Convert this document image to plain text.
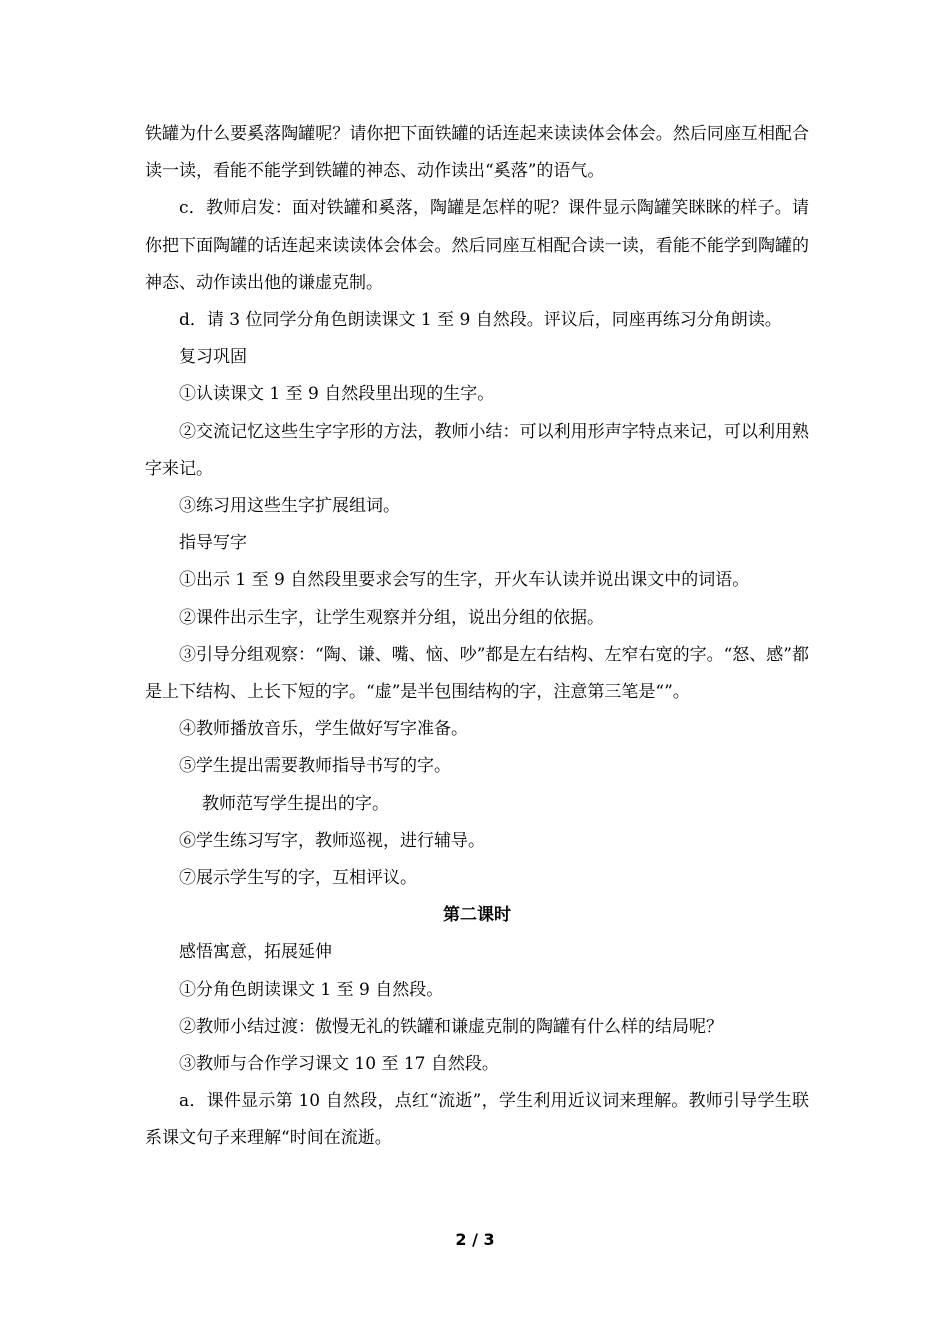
铁罐为什么要奚落陶罐呢？请你把下面铁罐的话连起来读读体会体会。然后同座互相配合读一读，看能不能学到铁罐的神态、动作读出“奚落”的语气。

c．教师启发：面对铁罐和奚落，陶罐是怎样的呢？课件显示陶罐笑眯眯的样子。请你把下面陶罐的话连起来读读体会体会。然后同座互相配合读一读，看能不能学到陶罐的神态、动作读出他的谦虚克制。

d．请 3 位同学分角色朗读课文 1 至 9 自然段。评议后，同座再练习分角朗读。

复习巩固

①认读课文 1 至 9 自然段里出现的生字。

②交流记忆这些生字字形的方法，教师小结：可以利用形声字特点来记，可以利用熟字来记。

③练习用这些生字扩展组词。

指导写字

①出示 1 至 9 自然段里要求会写的生字，开火车认读并说出课文中的词语。

②课件出示生字，让学生观察并分组，说出分组的依据。

③引导分组观察：“陶、谦、嘴、恼、吵”都是左右结构、左窄右宽的字。“怒、感”都是上下结构、上长下短的字。“虚”是半包围结构的字，注意第三笔是“”。

④教师播放音乐，学生做好写字准备。

⑤学生提出需要教师指导书写的字。

教师范写学生提出的字。

⑥学生练习写字，教师巡视，进行辅导。

⑦展示学生写的字，互相评议。

第二课时

感悟寓意，拓展延伸

①分角色朗读课文 1 至 9 自然段。

②教师小结过渡：傲慢无礼的铁罐和谦虚克制的陶罐有什么样的结局呢？

③教师与合作学习课文 10 至 17 自然段。

a．课件显示第 10 自然段，点红“流逝”，学生利用近议词来理解。教师引导学生联系课文句子来理解“时间在流逝。

2 / 3
